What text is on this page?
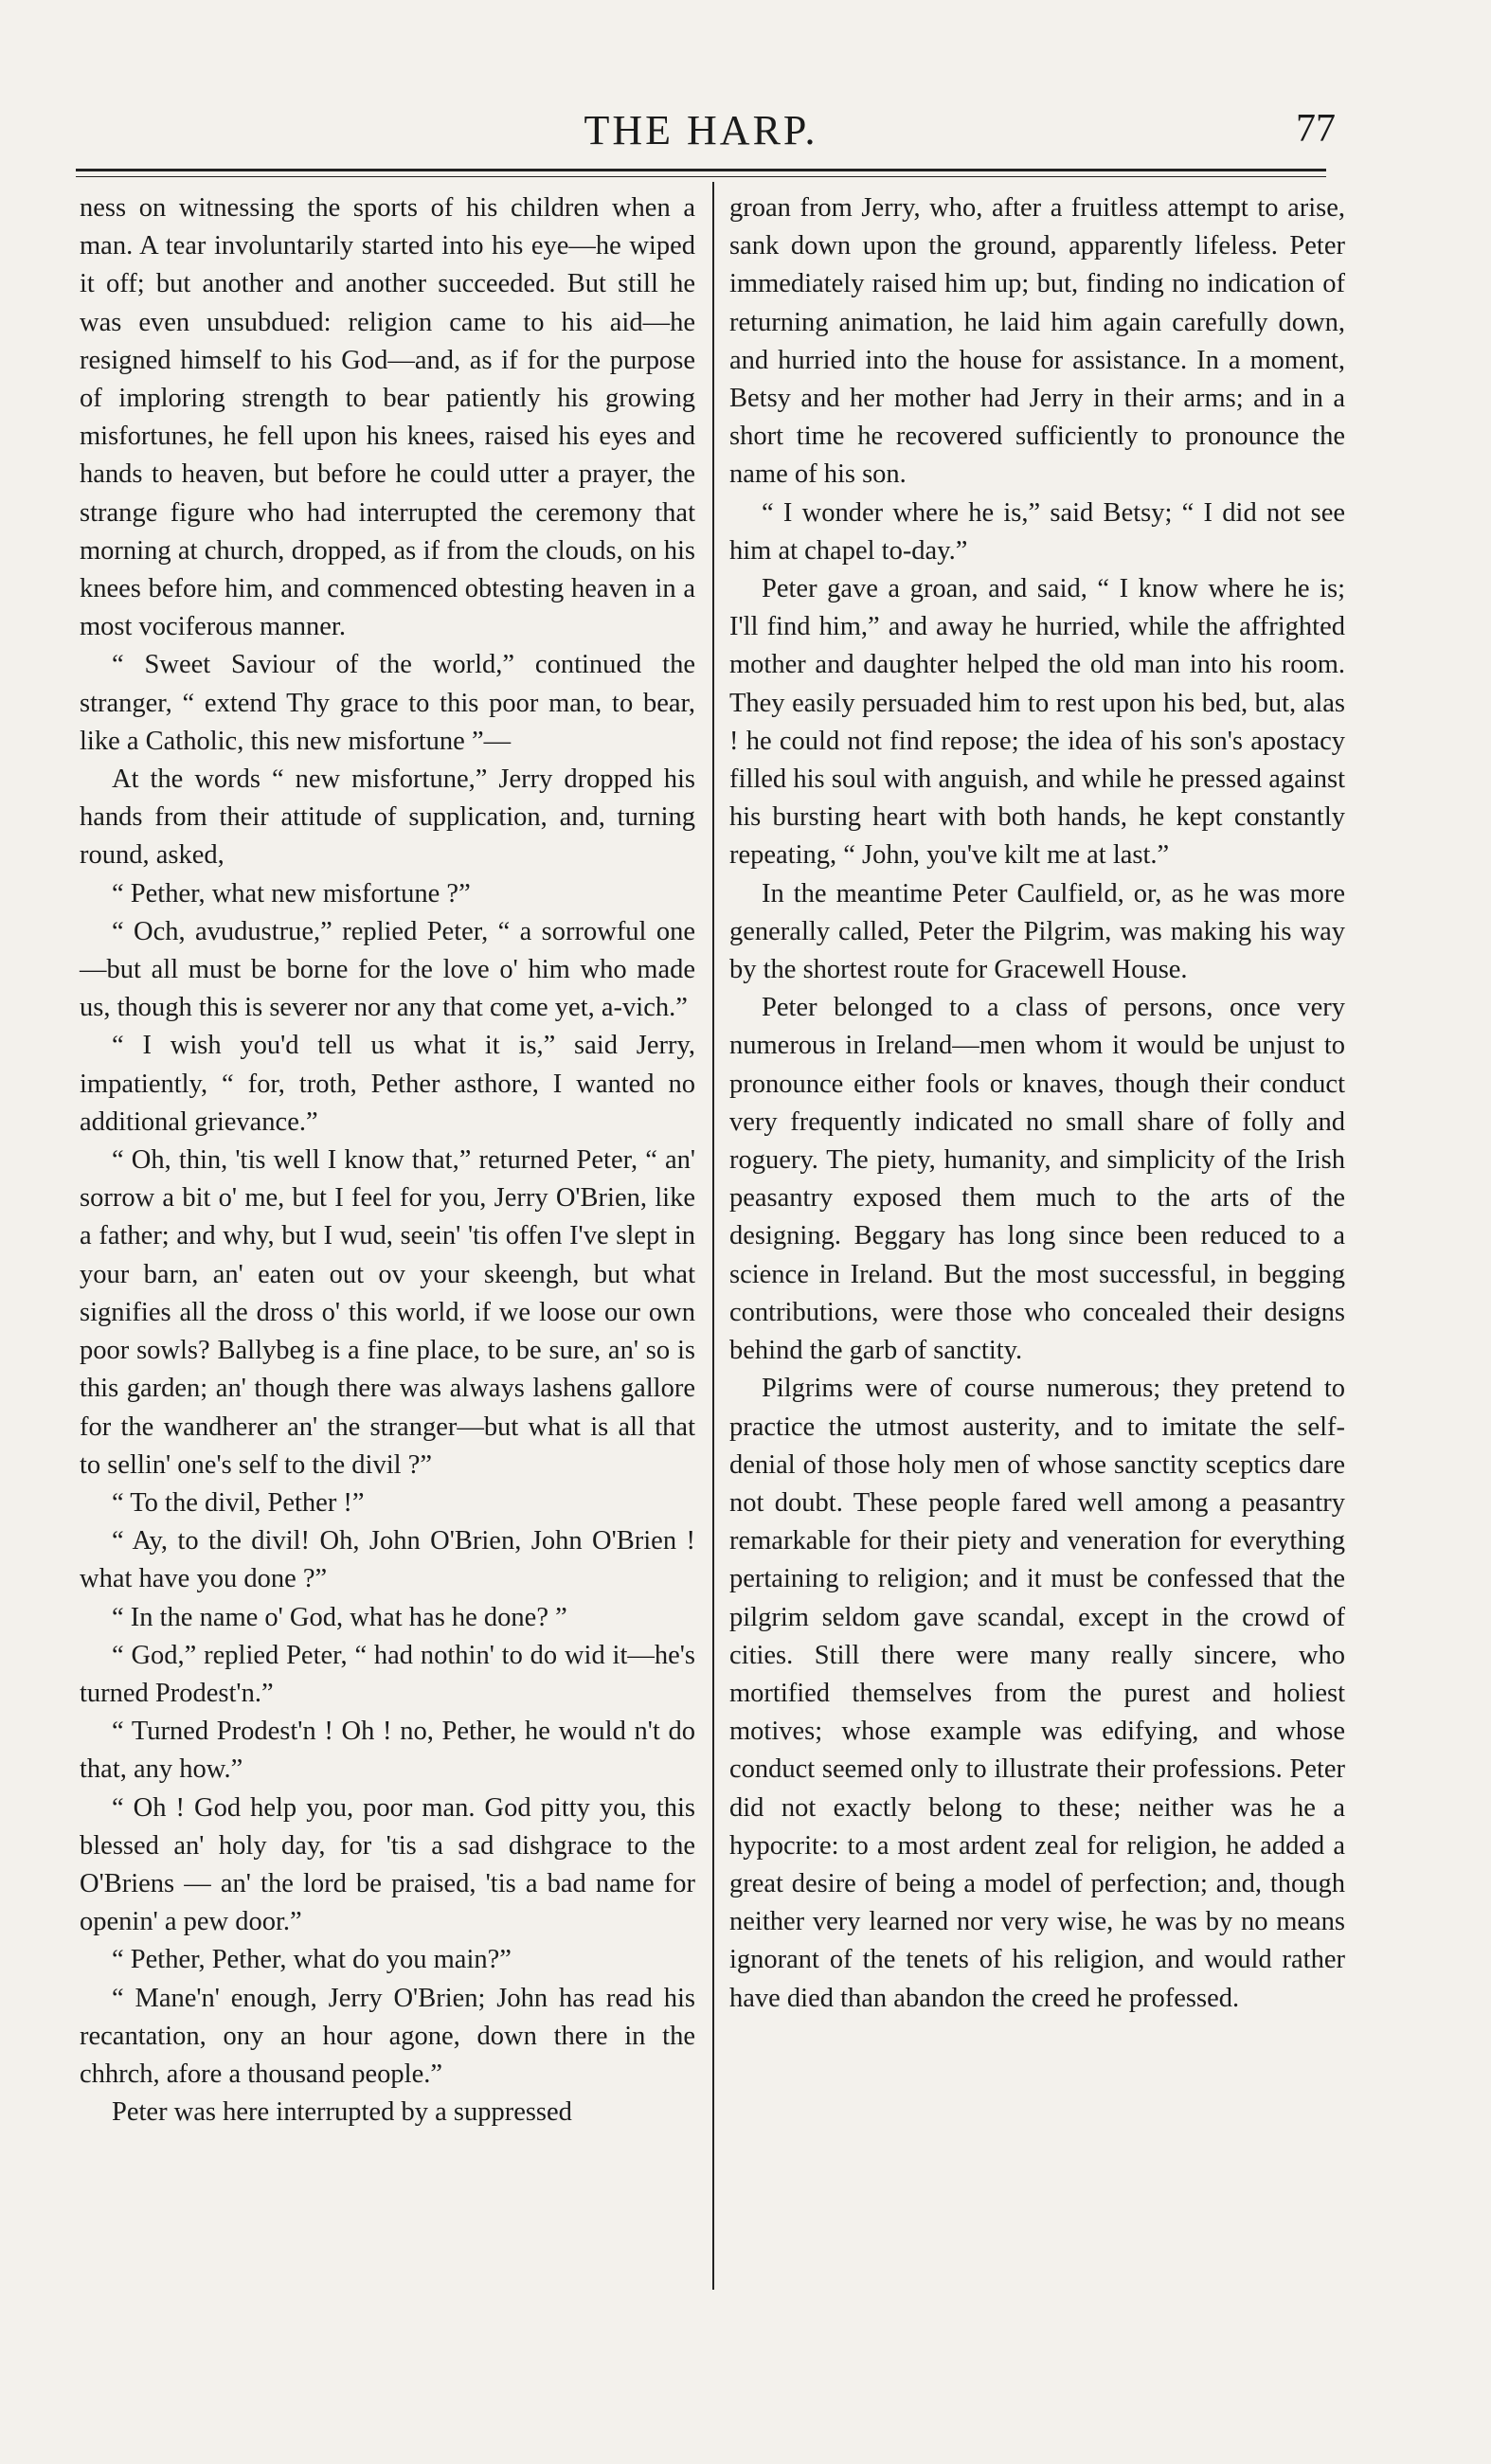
THE HARP.	77

ness on witnessing the sports of his children when a man. A tear involuntarily started into his eye—he wiped it off; but another and another succeeded. But still he was even unsubdued: religion came to his aid—he resigned himself to his God—and, as if for the purpose of imploring strength to bear patiently his growing misfortunes, he fell upon his knees, raised his eyes and hands to heaven, but before he could utter a prayer, the strange figure who had interrupted the ceremony that morning at church, dropped, as if from the clouds, on his knees before him, and commenced obtesting heaven in a most vociferous manner.

“ Sweet Saviour of the world,” continued the stranger, “ extend Thy grace to this poor man, to bear, like a Catholic, this new misfortune ”—

At the words “ new misfortune,” Jerry dropped his hands from their attitude of supplication, and, turning round, asked,

“ Pether, what new misfortune ?”

“ Och, avudustrue,” replied Peter, “ a sorrowful one—but all must be borne for the love o' him who made us, though this is severer nor any that come yet, a-vich.”

“ I wish you'd tell us what it is,” said Jerry, impatiently, “ for, troth, Pether asthore, I wanted no additional grievance.”

“ Oh, thin, 'tis well I know that,” returned Peter, “ an' sorrow a bit o' me, but I feel for you, Jerry O'Brien, like a father; and why, but I wud, seein' 'tis offen I've slept in your barn, an' eaten out ov your skeengh, but what signifies all the dross o' this world, if we loose our own poor sowls? Ballybeg is a fine place, to be sure, an' so is this garden; an' though there was always lashens gallore for the wandherer an' the stranger—but what is all that to sellin' one's self to the divil ?”

“ To the divil, Pether !”

“ Ay, to the divil! Oh, John O'Brien, John O'Brien ! what have you done ?”

“ In the name o' God, what has he done? ”

“ God,” replied Peter, “ had nothin' to do wid it—he's turned Prodest'n.”

“ Turned Prodest'n ! Oh ! no, Pether, he would n't do that, any how.”

“ Oh ! God help you, poor man. God pitty you, this blessed an' holy day, for 'tis a sad dishgrace to the O'Briens — an' the lord be praised, 'tis a bad name for openin' a pew door.”

“ Pether, Pether, what do you main?”

“ Mane'n' enough, Jerry O'Brien; John has read his recantation, ony an hour agone, down there in the chhrch, afore a thousand people.”

Peter was here interrupted by a suppressed

groan from Jerry, who, after a fruitless attempt to arise, sank down upon the ground, apparently lifeless. Peter immediately raised him up; but, finding no indication of returning animation, he laid him again carefully down, and hurried into the house for assistance. In a moment, Betsy and her mother had Jerry in their arms; and in a short time he recovered sufficiently to pronounce the name of his son.

“ I wonder where he is,” said Betsy; “ I did not see him at chapel to-day.”

Peter gave a groan, and said, “ I know where he is; I'll find him,” and away he hurried, while the affrighted mother and daughter helped the old man into his room. They easily persuaded him to rest upon his bed, but, alas ! he could not find repose; the idea of his son's apostacy filled his soul with anguish, and while he pressed against his bursting heart with both hands, he kept constantly repeating, “ John, you've kilt me at last.”

In the meantime Peter Caulfield, or, as he was more generally called, Peter the Pilgrim, was making his way by the shortest route for Gracewell House.

Peter belonged to a class of persons, once very numerous in Ireland—men whom it would be unjust to pronounce either fools or knaves, though their conduct very frequently indicated no small share of folly and roguery. The piety, humanity, and simplicity of the Irish peasantry exposed them much to the arts of the designing. Beggary has long since been reduced to a science in Ireland. But the most successful, in begging contributions, were those who concealed their designs behind the garb of sanctity.

Pilgrims were of course numerous; they pretend to practice the utmost austerity, and to imitate the self-denial of those holy men of whose sanctity sceptics dare not doubt. These people fared well among a peasantry remarkable for their piety and veneration for everything pertaining to religion; and it must be confessed that the pilgrim seldom gave scandal, except in the crowd of cities. Still there were many really sincere, who mortified themselves from the purest and holiest motives; whose example was edifying, and whose conduct seemed only to illustrate their professions. Peter did not exactly belong to these; neither was he a hypocrite: to a most ardent zeal for religion, he added a great desire of being a model of perfection; and, though neither very learned nor very wise, he was by no means ignorant of the tenets of his religion, and would rather have died than abandon the creed he professed.
